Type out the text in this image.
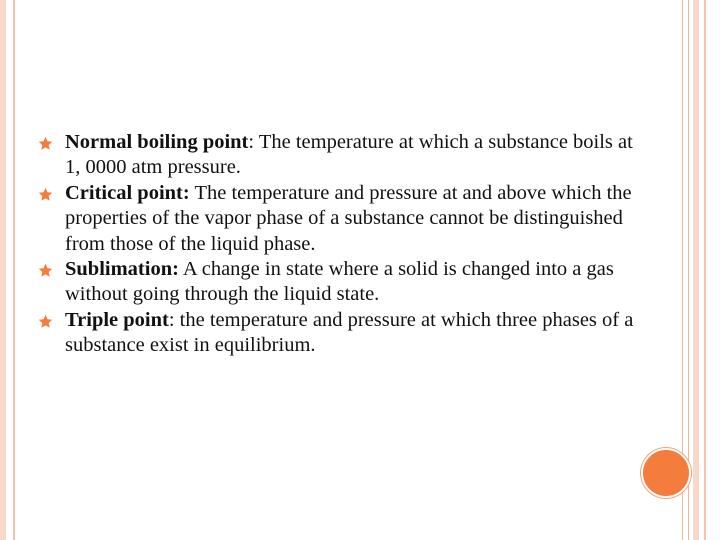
Normal boiling point: The temperature at which a substance boils at 1, 0000 atm pressure.
Critical point: The temperature and pressure at and above which the properties of the vapor phase of a substance cannot be distinguished from those of the liquid phase.
Sublimation: A change in state where a solid is changed into a gas without going through the liquid state.
Triple point: the temperature and pressure at which three phases of a substance exist in equilibrium.
